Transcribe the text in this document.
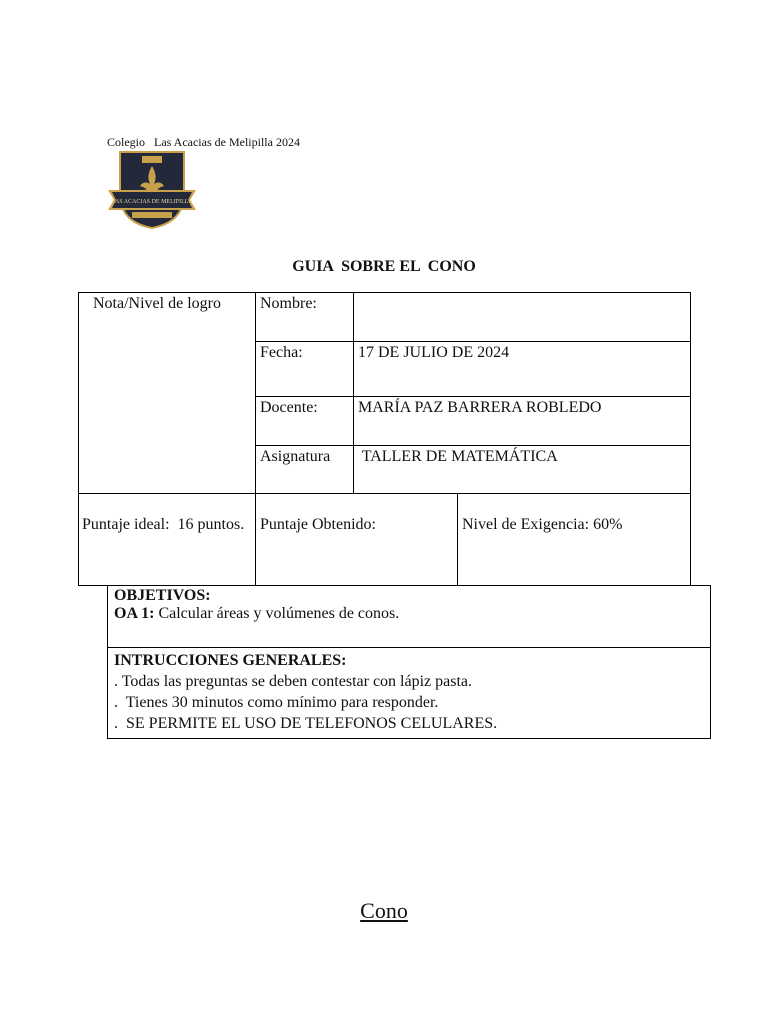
Colegio   Las Acacias de Melipilla 2024
LAS ACACIAS DE MELIPILLA
GUIA  SOBRE EL  CONO
Nota/Nivel de logro	Nombre:		

	Fecha:	17 DE JULIO DE 2024	

	Docente:	MARÍA PAZ BARRERA ROBLEDO	

	Asignatura	TALLER DE MATEMÁTICA	

Puntaje ideal:  16 puntos.	Puntaje Obtenido:		Nivel de Exigencia: 60%
OBJETIVOS:
OA 1: Calcular áreas y volúmenes de conos.
INTRUCCIONES GENERALES:
. Todas las preguntas se deben contestar con lápiz pasta.
.  Tienes 30 minutos como mínimo para responder.
.  SE PERMITE EL USO DE TELEFONOS CELULARES.
Cono
